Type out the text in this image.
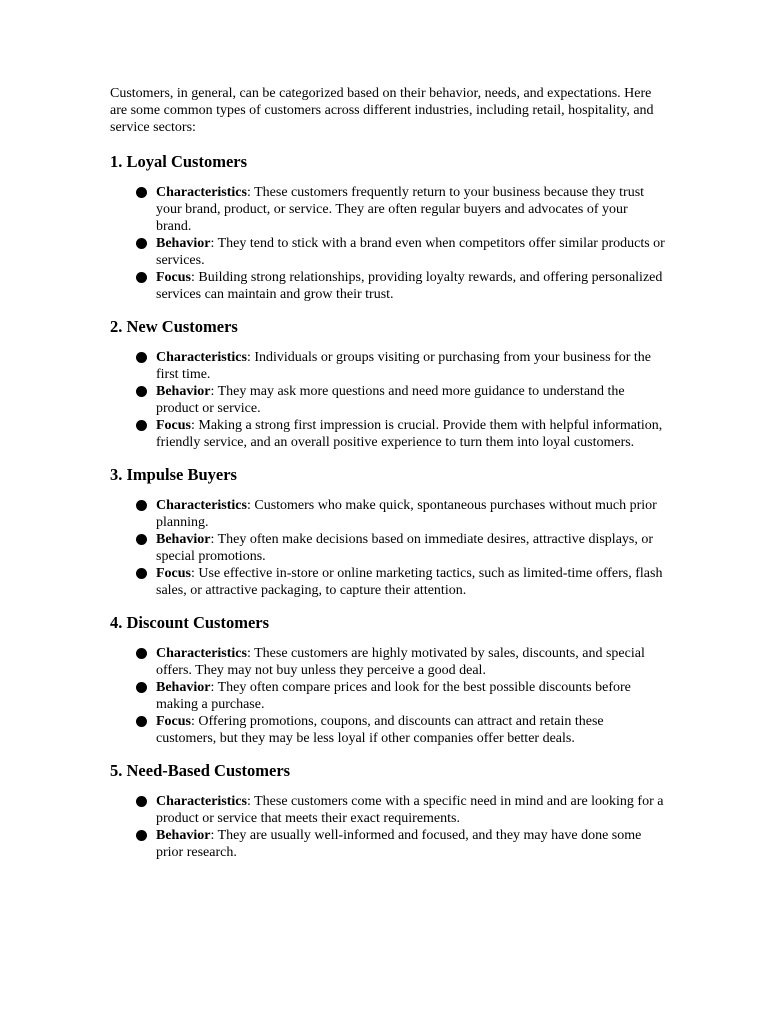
Customers, in general, can be categorized based on their behavior, needs, and expectations. Here are some common types of customers across different industries, including retail, hospitality, and service sectors:

1. Loyal Customers
Characteristics: These customers frequently return to your business because they trust your brand, product, or service. They are often regular buyers and advocates of your brand.
Behavior: They tend to stick with a brand even when competitors offer similar products or services.
Focus: Building strong relationships, providing loyalty rewards, and offering personalized services can maintain and grow their trust.
2. New Customers
Characteristics: Individuals or groups visiting or purchasing from your business for the first time.
Behavior: They may ask more questions and need more guidance to understand the product or service.
Focus: Making a strong first impression is crucial. Provide them with helpful information, friendly service, and an overall positive experience to turn them into loyal customers.
3. Impulse Buyers
Characteristics: Customers who make quick, spontaneous purchases without much prior planning.
Behavior: They often make decisions based on immediate desires, attractive displays, or special promotions.
Focus: Use effective in-store or online marketing tactics, such as limited-time offers, flash sales, or attractive packaging, to capture their attention.
4. Discount Customers
Characteristics: These customers are highly motivated by sales, discounts, and special offers. They may not buy unless they perceive a good deal.
Behavior: They often compare prices and look for the best possible discounts before making a purchase.
Focus: Offering promotions, coupons, and discounts can attract and retain these customers, but they may be less loyal if other companies offer better deals.
5. Need-Based Customers
Characteristics: These customers come with a specific need in mind and are looking for a product or service that meets their exact requirements.
Behavior: They are usually well-informed and focused, and they may have done some prior research.
